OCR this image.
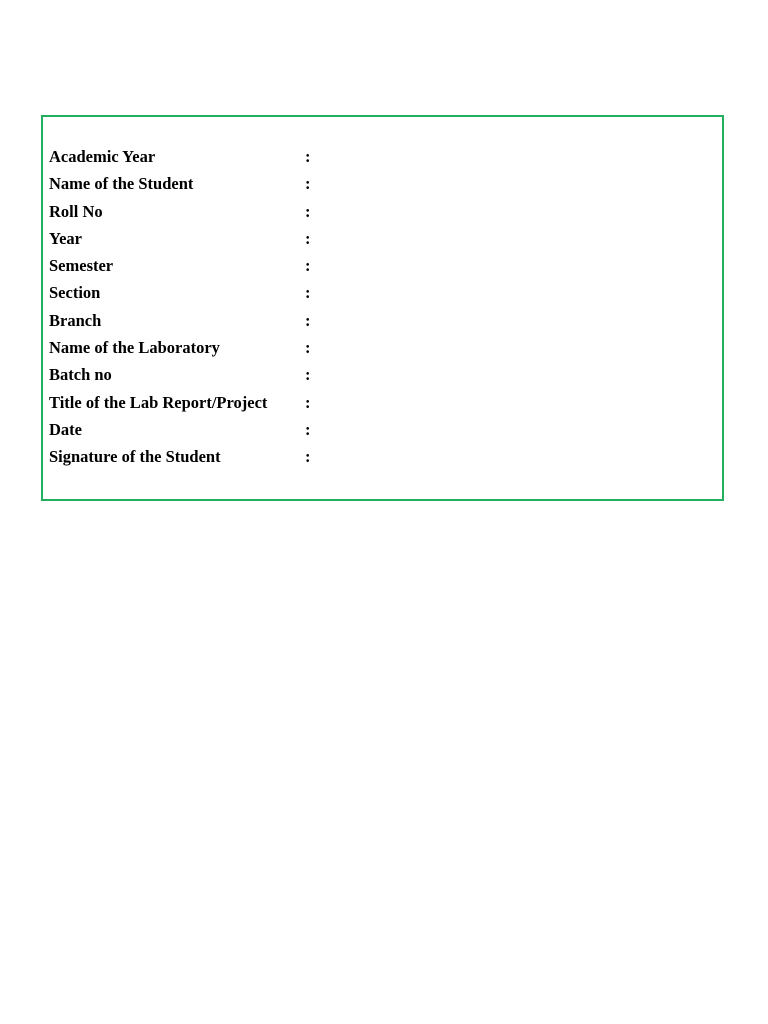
Academic Year	:
Name of the Student	:
Roll No	:
Year	:
Semester	:
Section	:
Branch	:
Name of the Laboratory	:
Batch no	:
Title of the Lab Report/Project :
Date	:
Signature of the Student	:
